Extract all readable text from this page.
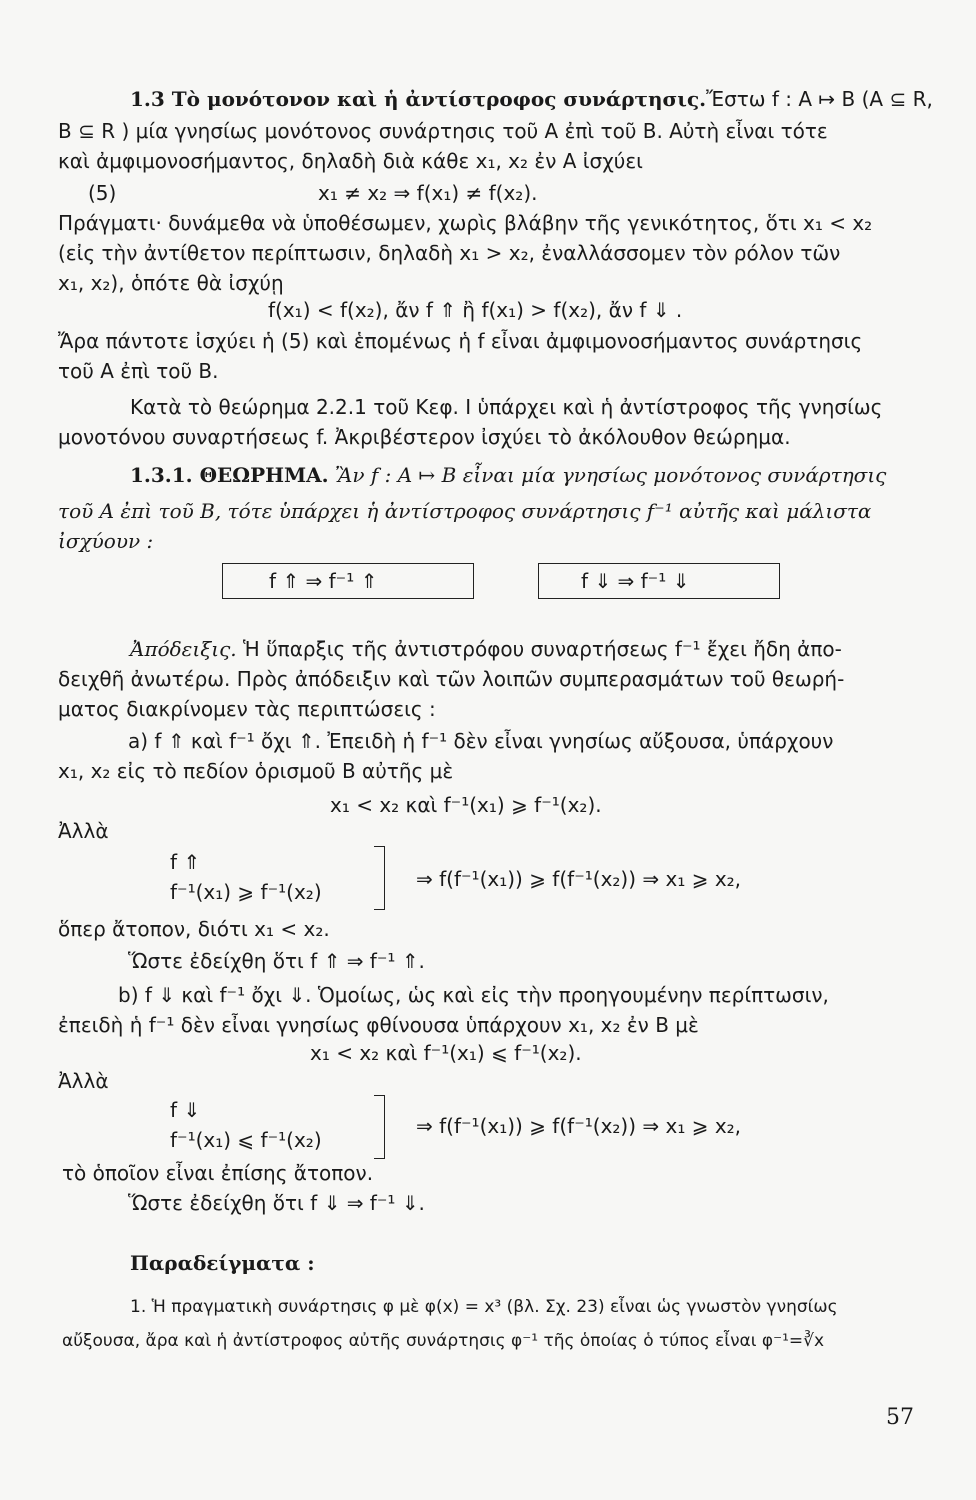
1.3 Τὸ μονότονον καὶ ἡ ἀντίστροφος συνάρτησις.Ἔστω f : A ↦ B (A ⊆ R,
B ⊆ R ) μία γνησίως μονότονος συνάρτησις τοῦ A ἐπὶ τοῦ B. Αὐτὴ εἶναι τότε
καὶ ἀμφιμονοσήμαντος, δηλαδὴ διὰ κάθε x₁, x₂ ἐν A ἰσχύει
(5)	x₁ ≠ x₂ ⇒ f(x₁) ≠ f(x₂).
Πράγματι· δυνάμεθα νὰ ὑποθέσωμεν, χωρὶς βλάβην τῆς γενικότητος, ὅτι x₁ < x₂
(εἰς τὴν ἀντίθετον περίπτωσιν, δηλαδὴ x₁ > x₂, ἐναλλάσσομεν τὸν ρόλον τῶν
x₁, x₂), ὁπότε θὰ ἰσχύῃ
f(x₁) < f(x₂), ἄν f ⇑ ἢ f(x₁) > f(x₂), ἄν f ⇓ .
Ἄρα πάντοτε ἰσχύει ἡ (5) καὶ ἑπομένως ἡ f εἶναι ἀμφιμονοσήμαντος συνάρτησις
τοῦ A ἐπὶ τοῦ B.
Κατὰ τὸ θεώρημα 2.2.1 τοῦ Κεφ. I ὑπάρχει καὶ ἡ ἀντίστροφος τῆς γνησίως
μονοτόνου συναρτήσεως f. Ἀκριβέστερον ἰσχύει τὸ ἀκόλουθον θεώρημα.
1.3.1. ΘΕΩΡΗΜΑ. Ἂν f : A ↦ B εἶναι μία γνησίως μονότονος συνάρτησις
τοῦ A ἐπὶ τοῦ B, τότε ὑπάρχει ἡ ἀντίστροφος συνάρτησις f⁻¹ αὐτῆς καὶ μάλιστα
ἰσχύουν :
f ⇑ ⇒ f⁻¹ ⇑	f ⇓ ⇒ f⁻¹ ⇓
Ἀπόδειξις. Ἡ ὕπαρξις τῆς ἀντιστρόφου συναρτήσεως f⁻¹ ἔχει ἤδη ἀπο-
δειχθῆ ἀνωτέρω. Πρὸς ἀπόδειξιν καὶ τῶν λοιπῶν συμπερασμάτων τοῦ θεωρή-
ματος διακρίνομεν τὰς περιπτώσεις :
a) f ⇑ καὶ f⁻¹ ὄχι ⇑. Ἐπειδὴ ἡ f⁻¹ δὲν εἶναι γνησίως αὔξουσα, ὑπάρχουν
x₁, x₂ εἰς τὸ πεδίον ὁρισμοῦ B αὐτῆς μὲ
x₁ < x₂ καὶ f⁻¹(x₁) ⩾ f⁻¹(x₂).
Ἀλλὰ
f ⇑
f⁻¹(x₁) ⩾ f⁻¹(x₂)
⇒ f(f⁻¹(x₁)) ⩾ f(f⁻¹(x₂)) ⇒ x₁ ⩾ x₂,
ὅπερ ἄτοπον, διότι x₁ < x₂.
Ὥστε ἐδείχθη ὅτι f ⇑ ⇒ f⁻¹ ⇑.
b) f ⇓ καὶ f⁻¹ ὄχι ⇓. Ὁμοίως, ὡς καὶ εἰς τὴν προηγουμένην περίπτωσιν,
ἐπειδὴ ἡ f⁻¹ δὲν εἶναι γνησίως φθίνουσα ὑπάρχουν x₁, x₂ ἐν B μὲ
x₁ < x₂ καὶ f⁻¹(x₁) ⩽ f⁻¹(x₂).
Ἀλλὰ
f ⇓
f⁻¹(x₁) ⩽ f⁻¹(x₂)
⇒ f(f⁻¹(x₁)) ⩾ f(f⁻¹(x₂)) ⇒ x₁ ⩾ x₂,
τὸ ὁποῖον εἶναι ἐπίσης ἄτοπον.
Ὥστε ἐδείχθη ὅτι f ⇓ ⇒ f⁻¹ ⇓.
Παραδείγματα :
1. Ἡ πραγματικὴ συνάρτησις φ μὲ φ(x) = x³ (βλ. Σχ. 23) εἶναι ὡς γνωστὸν γνησίως
αὔξουσα, ἄρα καὶ ἡ ἀντίστροφος αὐτῆς συνάρτησις φ⁻¹ τῆς ὁποίας ὁ τύπος εἶναι φ⁻¹=∛x
57
